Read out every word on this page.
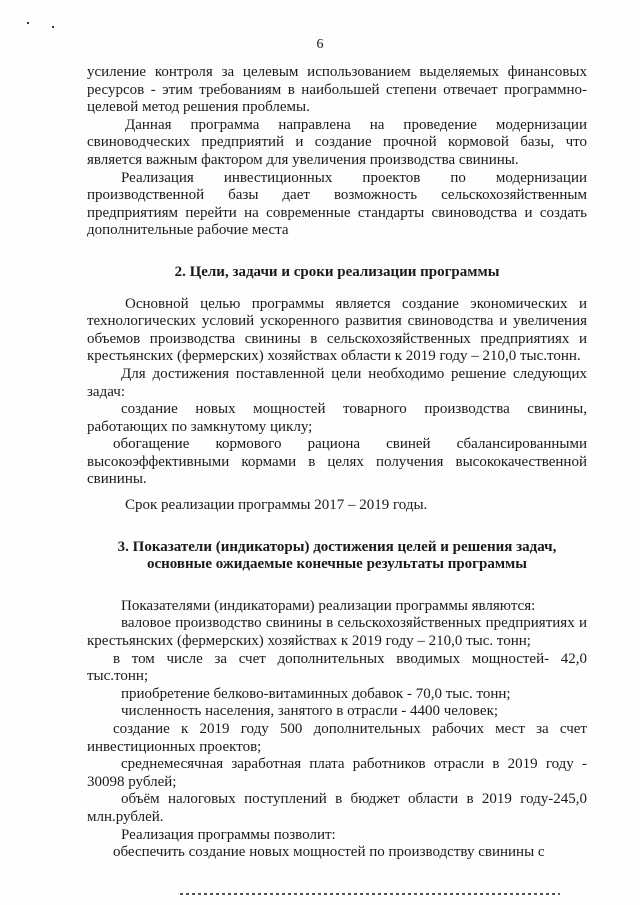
6

усиление контроля за целевым использованием выделяемых финансовых ресурсов - этим требованиям в наибольшей степени отвечает программно-целевой метод решения проблемы.

Данная программа направлена на проведение модернизации свиноводческих предприятий и создание прочной кормовой базы, что является важным фактором для увеличения производства свинины.

Реализация инвестиционных проектов по модернизации производственной базы дает возможность сельскохозяйственным предприятиям перейти на современные стандарты свиноводства и создать дополнительные рабочие места

2. Цели, задачи и сроки реализации программы

Основной целью программы является создание экономических и технологических условий ускоренного развития свиноводства и увеличения объемов производства свинины в сельскохозяйственных предприятиях и крестьянских (фермерских) хозяйствах области к 2019 году – 210,0 тыс.тонн.

Для достижения поставленной цели необходимо решение следующих задач:

создание новых мощностей товарного производства свинины, работающих по замкнутому циклу;

обогащение кормового рациона свиней сбалансированными высокоэффективными кормами в целях получения высококачественной свинины.

Срок реализации программы 2017 – 2019 годы.

3. Показатели (индикаторы) достижения целей и решения задач,
основные ожидаемые конечные результаты программы

Показателями (индикаторами) реализации программы являются:

валовое производство свинины в сельскохозяйственных предприятиях и крестьянских (фермерских) хозяйствах к 2019 году – 210,0 тыс. тонн;

в том числе за счет дополнительных вводимых мощностей- 42,0 тыс.тонн;

приобретение белково-витаминных добавок - 70,0 тыс. тонн;

численность населения, занятого в отрасли - 4400 человек;

создание к 2019 году 500 дополнительных рабочих мест за счет инвестиционных проектов;

среднемесячная заработная плата работников отрасли в 2019 году - 30098 рублей;

объём налоговых поступлений в бюджет области в 2019 году-245,0 млн.рублей.

Реализация программы позволит:

обеспечить создание новых мощностей по производству свинины с
